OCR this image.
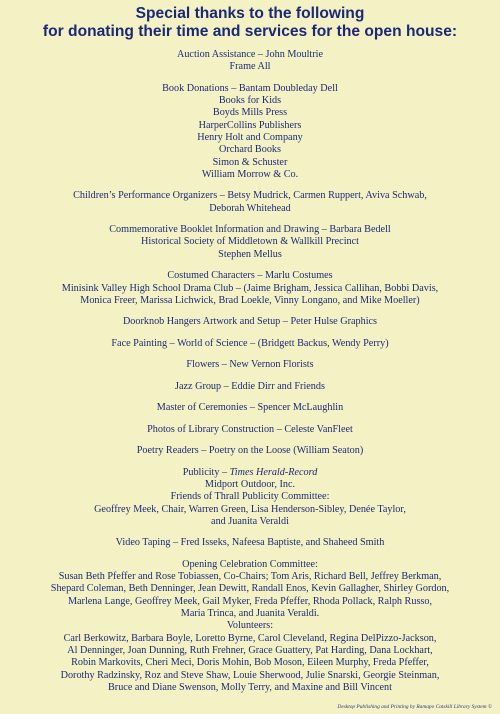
Special thanks to the following
for donating their time and services for the open house:
Auction Assistance – John Moultrie
Frame All
Book Donations – Bantam Doubleday Dell
Books for Kids
Boyds Mills Press
HarperCollins Publishers
Henry Holt and Company
Orchard Books
Simon & Schuster
William Morrow & Co.
Children’s Performance Organizers – Betsy Mudrick, Carmen Ruppert, Aviva Schwab,
Deborah Whitehead
Commemorative Booklet Information and Drawing – Barbara Bedell
Historical Society of Middletown & Wallkill Precinct
Stephen Mellus
Costumed Characters – Marlu Costumes
Minisink Valley High School Drama Club – (Jaime Brigham, Jessica Callihan, Bobbi Davis,
Monica Freer, Marissa Lichwick, Brad Loekle, Vinny Longano, and Mike Moeller)
Doorknob Hangers Artwork and Setup – Peter Hulse Graphics
Face Painting – World of Science – (Bridgett Backus, Wendy Perry)
Flowers – New Vernon Florists
Jazz Group – Eddie Dirr and Friends
Master of Ceremonies – Spencer McLaughlin
Photos of Library Construction – Celeste VanFleet
Poetry Readers – Poetry on the Loose (William Seaton)
Publicity – Times Herald-Record
Midport Outdoor, Inc.
Friends of Thrall Publicity Committee:
Geoffrey Meek, Chair, Warren Green, Lisa Henderson-Sibley, Denée Taylor,
and Juanita Veraldi
Video Taping – Fred Isseks, Nafeesa Baptiste, and Shaheed Smith
Opening Celebration Committee:
Susan Beth Pfeffer and Rose Tobiassen, Co-Chairs; Tom Aris, Richard Bell, Jeffrey Berkman,
Shepard Coleman, Beth Denninger, Jean Dewitt, Randall Enos, Kevin Gallagher, Shirley Gordon,
Marlena Lange, Geoffrey Meek, Gail Myker, Freda Pfeffer, Rhoda Pollack, Ralph Russo,
Maria Trinca, and Juanita Veraldi.
Volunteers:
Carl Berkowitz, Barbara Boyle, Loretto Byrne, Carol Cleveland, Regina DelPizzo-Jackson,
Al Denninger, Joan Dunning, Ruth Frehner, Grace Guattery, Pat Harding, Dana Lockhart,
Robin Markovits, Cheri Meci, Doris Mohin, Bob Moson, Eileen Murphy, Freda Pfeffer,
Dorothy Radzinsky, Roz and Steve Shaw, Louie Sherwood, Julie Snarski, Georgie Steinman,
Bruce and Diane Swenson, Molly Terry, and Maxine and Bill Vincent
Desktop Publishing and Printing by Ramapo Catskill Library System ©
